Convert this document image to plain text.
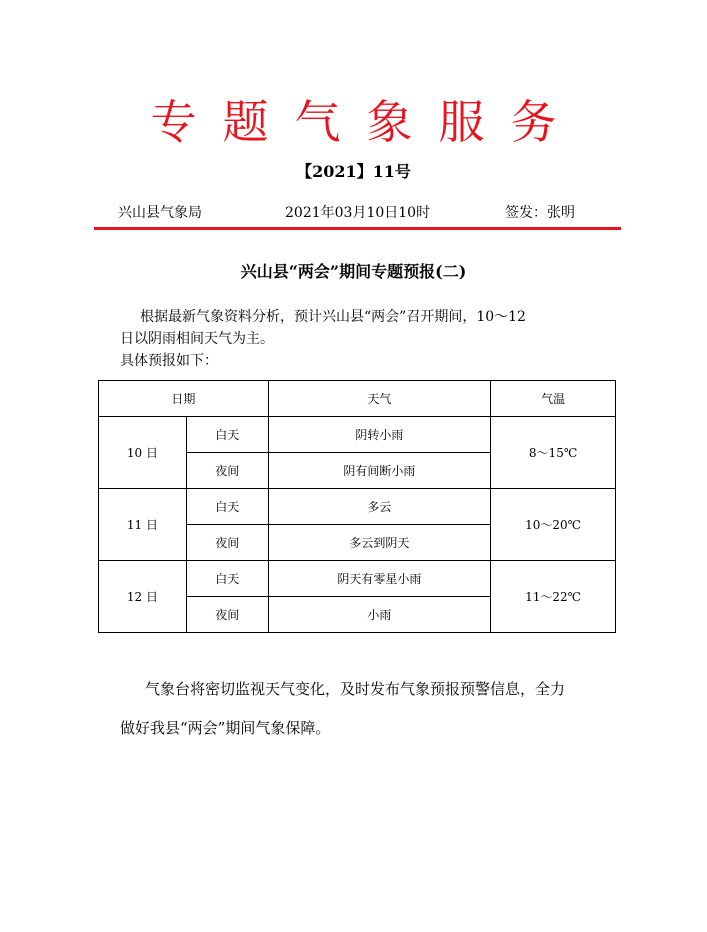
专 题 气 象 服 务
【2021】11号
兴山县气象局	2021年03月10日10时	签发：张明
兴山县“两会”期间专题预报(二)
根据最新气象资料分析，预计兴山县“两会”召开期间，10～12
日以阴雨相间天气为主。
具体预报如下：
日期		天气	气温
10 日	白天	阴转小雨	8～15℃
	夜间	阴有间断小雨	
11 日	白天	多云	10～20℃
	夜间	多云到阴天	
12 日	白天	阴天有零星小雨	11～22℃
	夜间	小雨	
气象台将密切监视天气变化，及时发布气象预报预警信息，全力
做好我县“两会”期间气象保障。
